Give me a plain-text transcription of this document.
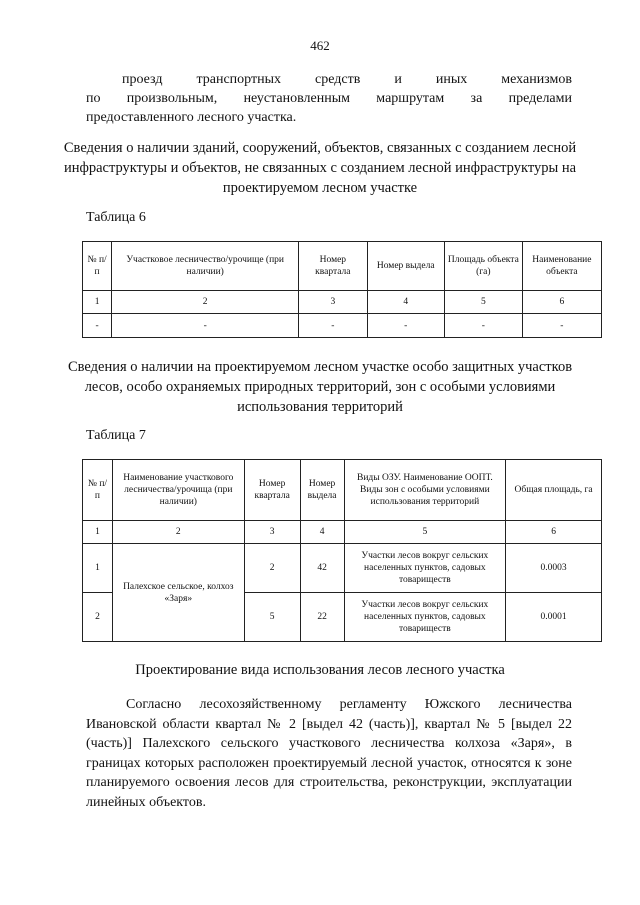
462
проезд транспортных средств и иных механизмов
по произвольным, неустановленным маршрутам за пределами
предоставленного лесного участка.
Сведения о наличии зданий, сооружений, объектов, связанных с созданием лесной инфраструктуры и объектов, не связанных с созданием лесной инфраструктуры на проектируемом лесном участке
Таблица 6
№ п/п	Участковое лесничество/урочище (при наличии)	Номер квартала	Номер выдела	Площадь объекта (га)	Наименование объекта
1	2	3	4	5	6
-	-	-	-	-	-
Сведения о наличии на проектируемом лесном участке особо защитных участков лесов, особо охраняемых природных территорий, зон с особыми условиями использования территорий
Таблица 7
№ п/п	Наименование участкового лесничества/урочища (при наличии)	Номер квартала	Номер выдела	Виды ОЗУ. Наименование ООПТ. Виды зон с особыми условиями использования территорий	Общая площадь, га
1	2	3	4	5	6
1	Палехское сельское, колхоз «Заря»	2	42	Участки лесов вокруг сельских населенных пунктов, садовых товариществ	0.0003
2		5	22	Участки лесов вокруг сельских населенных пунктов, садовых товариществ	0.0001
Проектирование вида использования лесов лесного участка
Согласно лесохозяйственному регламенту Южского лесничества Ивановской области квартал № 2 [выдел 42 (часть)], квартал № 5 [выдел 22 (часть)] Палехского сельского участкового лесничества колхоза «Заря», в границах которых расположен проектируемый лесной участок, относятся к зоне планируемого освоения лесов для строительства, реконструкции, эксплуатации линейных объектов.
